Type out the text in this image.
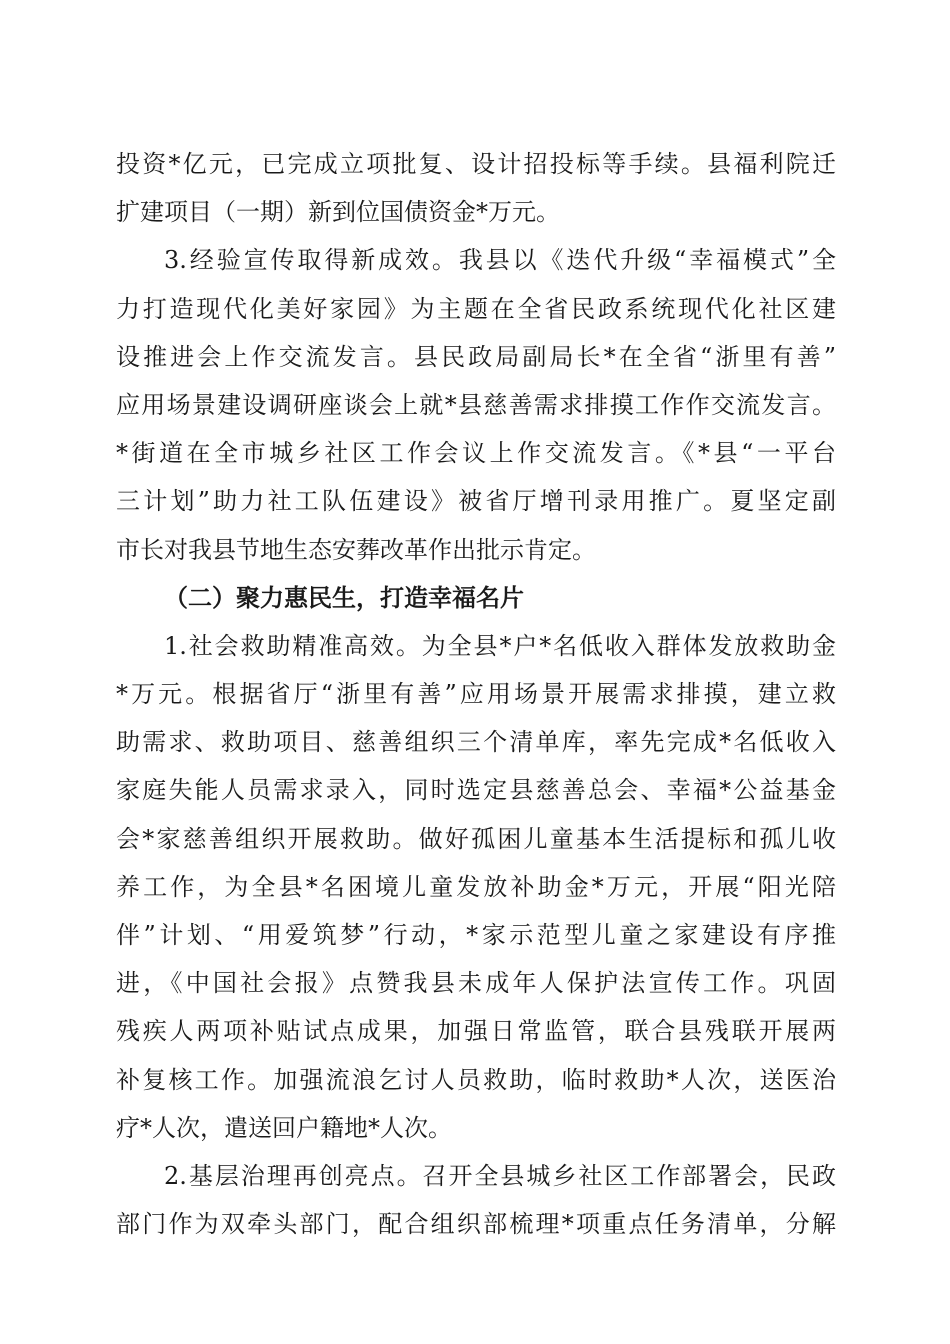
投资*亿元，已完成立项批复、设计招投标等手续。县福利院迁
扩建项目（一期）新到位国债资金*万元。
3.经验宣传取得新成效。我县以《迭代升级“幸福模式”全
力打造现代化美好家园》为主题在全省民政系统现代化社区建
设推进会上作交流发言。县民政局副局长*在全省“浙里有善”
应用场景建设调研座谈会上就*县慈善需求排摸工作作交流发言。
*街道在全市城乡社区工作会议上作交流发言。《*县“一平台
三计划”助力社工队伍建设》被省厅增刊录用推广。夏坚定副
市长对我县节地生态安葬改革作出批示肯定。
（二）聚力惠民生，打造幸福名片
1.社会救助精准高效。为全县*户*名低收入群体发放救助金
*万元。根据省厅“浙里有善”应用场景开展需求排摸，建立救
助需求、救助项目、慈善组织三个清单库，率先完成*名低收入
家庭失能人员需求录入，同时选定县慈善总会、幸福*公益基金
会*家慈善组织开展救助。做好孤困儿童基本生活提标和孤儿收
养工作，为全县*名困境儿童发放补助金*万元，开展“阳光陪
伴”计划、“用爱筑梦”行动，*家示范型儿童之家建设有序推
进，《中国社会报》点赞我县未成年人保护法宣传工作。巩固
残疾人两项补贴试点成果，加强日常监管，联合县残联开展两
补复核工作。加强流浪乞讨人员救助，临时救助*人次，送医治
疗*人次，遣送回户籍地*人次。
2.基层治理再创亮点。召开全县城乡社区工作部署会，民政
部门作为双牵头部门，配合组织部梳理*项重点任务清单，分解
